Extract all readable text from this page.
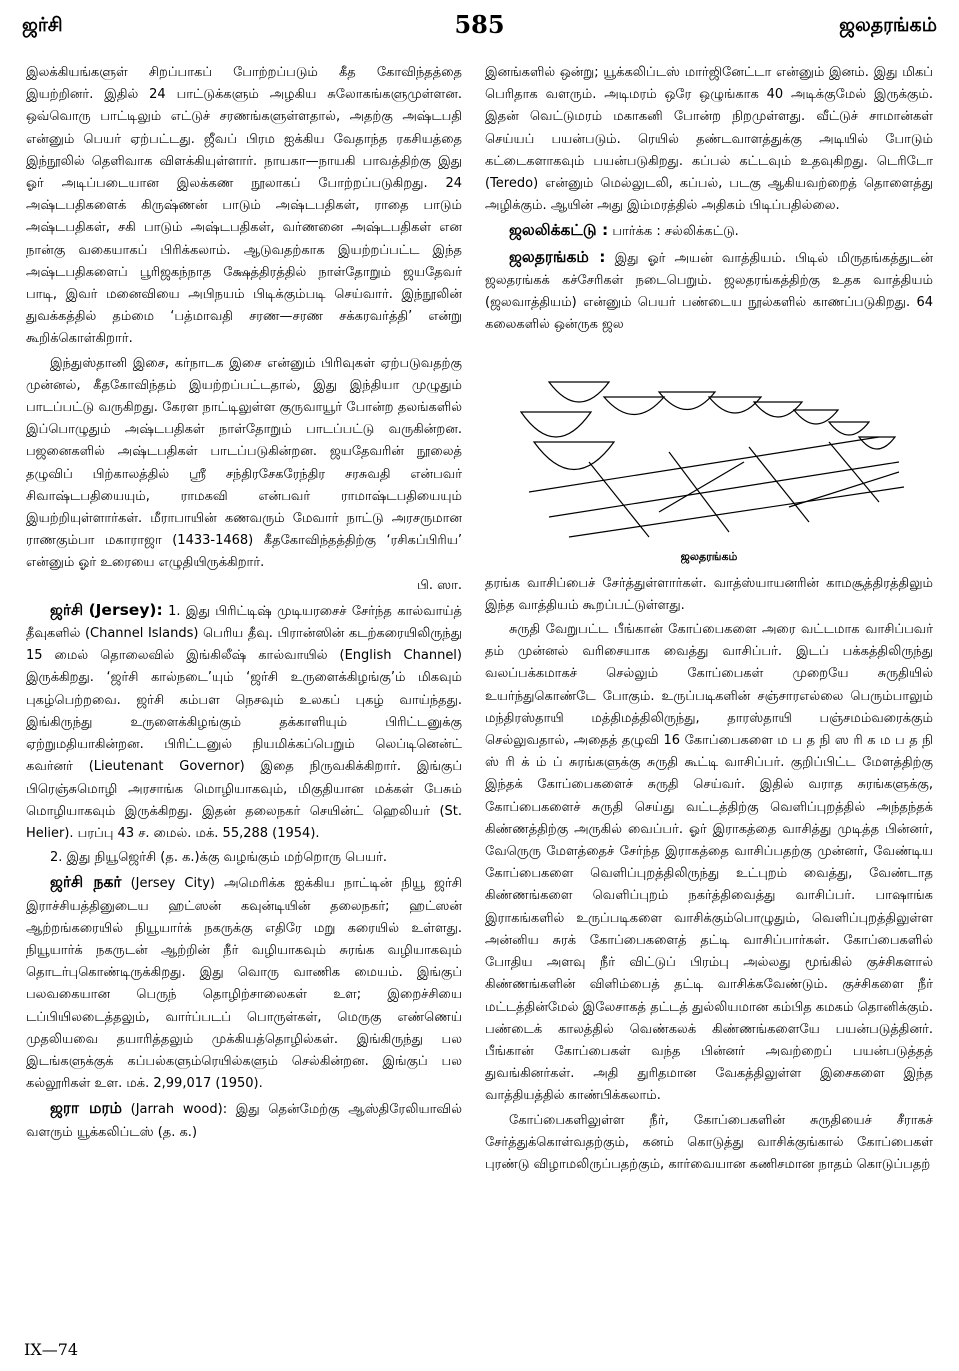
ஜர்சி	585	ஜலதரங்கம்

இலக்கியங்களுள் சிறப்பாகப் போற்றப்படும் கீத கோவிந்தத்தை இயற்றினர். இதில் 24 பாட்டுக்களும் அழகிய சுலோகங்களுமுள்ளன. ஒவ்வொரு பாட்டிலும் எட்டுச் சரணங்களுள்ளதால், அதற்கு அஷ்டபதி என்னும் பெயர் ஏற்பட்டது. ஜீவப் பிரம ஐக்கிய வேதாந்த ரகசியத்தை இந்நூலில் தெளிவாக விளக்கியுள்ளார். நாயகா—நாயகி பாவத்திற்கு இது ஓர் அடிப்படையான இலக்கண நூலாகப் போற்றப்படுகிறது. 24 அஷ்டபதிகளைக் கிருஷ்ணன் பாடும் அஷ்டபதிகள், ராதை பாடும் அஷ்டபதிகள், சகி பாடும் அஷ்டபதிகள், வர்ணனை அஷ்டபதிகள் என நான்கு வகையாகப் பிரிக்கலாம். ஆடுவதற்காக இயற்றப்பட்ட இந்த அஷ்டபதிகளைப் பூரிஜகந்நாத க்ஷேத்திரத்தில் நாள்தோறும் ஜயதேவர் பாடி, இவர் மனைவியை அபிநயம் பிடிக்கும்படி செய்வார். இந்நூலின் துவக்கத்தில் தம்மை ‘பத்மாவதி சரண—சரண சக்கரவர்த்தி’ என்று கூறிக்கொள்கிறார்.

இந்துஸ்தானி இசை, கர்நாடக இசை என்னும் பிரிவுகள் ஏற்படுவதற்கு முன்னல், கீதகோவிந்தம் இயற்றப்பட்டதால், இது இந்தியா முழுதும் பாடப்பட்டு வருகிறது. கேரள நாட்டிலுள்ள குருவாயூர் போன்ற தலங்களில் இப்பொழுதும் அஷ்டபதிகள் நாள்தோறும் பாடப்பட்டு வருகின்றன. பஜனைகளில் அஷ்டபதிகள் பாடப்படுகின்றன. ஜயதேவரின் நூலைத் தழுவிப் பிற்காலத்தில் ஸ்ரீ சந்திரசேகரேந்திர சரசுவதி என்பவர் சிவாஷ்டபதியையும், ராமகவி என்பவர் ராமாஷ்டபதியையும் இயற்றியுள்ளார்கள். மீராபாயின் கணவரும் மேவார் நாட்டு அரசருமான ராணகும்பா மகாராஜா (1433-1468) கீதகோவிந்தத்திற்கு ‘ரசிகப்பிரிய’ என்னும் ஓர் உரையை எழுதியிருக்கிறார்.
பி. ஸா.

ஜர்சி (Jersey): 1. இது பிரிட்டிஷ் முடியரசைச் சேர்ந்த கால்வாய்த் தீவுகளில் (Channel Islands) பெரிய தீவு. பிரான்ஸின் கடற்கரையிலிருந்து 15 மைல் தொலைவில் இங்கிலீஷ் கால்வாயில் (English Channel) இருக்கிறது. ‘ஜர்சி கால்நடை’யும் ‘ஜர்சி உருளைக்கிழங்கு’ம் மிகவும் புகழ்பெற்றவை. ஜர்சி கம்பள நெசவும் உலகப் புகழ் வாய்ந்தது. இங்கிருந்து உருளைக்கிழங்கும் தக்காளியும் பிரிட்டனுக்கு ஏற்றுமதியாகின்றன. பிரிட்டனுல் நியமிக்கப்பெறும் லெப்டினென்ட் கவர்னர் (Lieutenant Governor) இதை நிருவகிக்கிறார். இங்குப் பிரெஞ்சுமொழி அரசாங்க மொழியாகவும், மிகுதியான மக்கள் பேசும் மொழியாகவும் இருக்கிறது. இதன் தலைநகர் செயின்ட் ஹெலியர் (St. Helier). பரப்பு 43 ச. மைல். மக். 55,288 (1954).

2. இது நியூஜெர்சி (த. க.)க்கு வழங்கும் மற்றொரு பெயர்.

ஜர்சி நகர் (Jersey City) அமெரிக்க ஐக்கிய நாட்டின் நியூ ஜர்சி இராச்சியத்தினுடைய ஹட்ஸன் கவுன்டியின் தலைநகர்; ஹட்ஸன் ஆற்றங்கரையில் நியூயார்க் நகருக்கு எதிரே மறு கரையில் உள்ளது. நியூயார்க் நகருடன் ஆற்றின் நீர் வழியாகவும் சுரங்க வழியாகவும் தொடர்புகொண்டிருக்கிறது. இது வொரு வாணிக மையம். இங்குப் பலவகையான பெருந் தொழிற்சாலைகள் உள; இறைச்சியை டப்பியிலடைத்தலும், வார்ப்படப் பொருள்கள், மெருகு எண்ணெய் முதலியவை தயாரித்தலும் முக்கியத்தொழில்கள். இங்கிருந்து பல இடங்களுக்குக் கப்பல்களும்ரெயில்களும் செல்கின்றன. இங்குப் பல கல்லூரிகள் உள. மக். 2,99,017 (1950).

ஜரா மரம் (Jarrah wood): இது தென்மேற்கு ஆஸ்திரேலியாவில் வளரும் யூக்கலிப்டஸ் (த. க.)

இனங்களில் ஒன்று; யூக்கலிப்டஸ் மார்ஜினேட்டா என்னும் இனம். இது மிகப் பெரிதாக வளரும். அடிமரம் ஒரே ஒழுங்காக 40 அடிக்குமேல் இருக்கும். இதன் வெட்டுமரம் மகாகனி போன்ற நிறமுள்ளது. வீட்டுச் சாமான்கள் செய்யப் பயன்படும். ரெயில் தண்டவாளத்துக்கு அடியில் போடும் கட்டைகளாகவும் பயன்படுகிறது. கப்பல் கட்டவும் உதவுகிறது. டெரிடோ (Teredo) என்னும் மெல்லுடலி, கப்பல், படகு ஆகியவற்றைத் தொளைத்து அழிக்கும். ஆயின் அது இம்மரத்தில் அதிகம் பிடிப்பதில்லை.

ஜலலிக்கட்டு : பார்க்க : சல்லிக்கட்டு.

ஜலதரங்கம் : இது ஓர் அயன் வாத்தியம். பிடில் மிருதங்கத்துடன் ஜலதரங்கக் கச்சேரிகள் நடைபெறும். ஜலதரங்கத்திற்கு உதக வாத்தியம் (ஜலவாத்தியம்) என்னும் பெயர் பண்டைய நூல்களில் காணப்படுகிறது. 64 கலைகளில் ஒன்ருக ஜல

ஜலதரங்கம்

தரங்க வாசிப்பைச் சேர்த்துள்ளார்கள். வாத்ஸ்யாயனரின் காமசூத்திரத்திலும் இந்த வாத்தியம் கூறப்பட்டுள்ளது.

சுருதி வேறுபட்ட பீங்கான் கோப்பைகளை அரை வட்டமாக வாசிப்பவர் தம் முன்னல் வரிசையாக வைத்து வாசிப்பர். இடப் பக்கத்திலிருந்து வலப்பக்கமாகச் செல்லும் கோப்பைகள் முறையே சுருதியில் உயர்ந்துகொண்டே போகும். உருப்படிகளின் சஞ்சாரஎல்லை பெரும்பாலும் மந்திரஸ்தாயி மத்திமத்திலிருந்து, தாரஸ்தாயி பஞ்சமம்வரைக்கும் செல்லுவதால், அதைத் தழுவி 16 கோப்பைகளை ம ப த நி ஸ ரி க ம ப த நி ஸ் ரி க் ம் ப் சுரங்களுக்கு சுருதி கூட்டி வாசிப்பர். குறிப்பிட்ட மேளத்திற்கு இந்தக் கோப்பைகளைச் சுருதி செய்வர். இதில் வராத சுரங்களுக்கு, கோப்பைகளைச் சுருதி செய்து வட்டத்திற்கு வெளிப்புறத்தில் அந்தந்தக் கிண்ணத்திற்கு அருகில் வைப்பர். ஓர் இராகத்தை வாசித்து முடித்த பின்னர், வேருெரு மேளத்தைச் சேர்ந்த இராகத்தை வாசிப்பதற்கு முன்னர், வேண்டிய கோப்பைகளை வெளிப்புறத்திலிருந்து உட்புறம் வைத்து, வேண்டாத கிண்ணங்களை வெளிப்புறம் நகர்த்திவைத்து வாசிப்பர். பாஷாங்க இராகங்களில் உருப்படிகளை வாசிக்கும்பொழுதும், வெளிப்புறத்திலுள்ள அன்னிய சுரக் கோப்பைகளைத் தட்டி வாசிப்பார்கள். கோப்பைகளில் போதிய அளவு நீர் விட்டுப் பிரம்பு அல்லது மூங்கில் குச்சிகளால் கிண்ணங்களின் விளிம்பைத் தட்டி வாசிக்கவேண்டும். குச்சிகளை நீர் மட்டத்தின்மேல் இலேசாகத் தட்டத் துல்லியமான கம்பித கமகம் தொனிக்கும். பண்டைக் காலத்தில் வெண்கலக் கிண்ணங்களையே பயன்படுத்தினர். பீங்கான் கோப்பைகள் வந்த பின்னர் அவற்றைப் பயன்படுத்தத் துவங்கினர்கள். அதி துரிதமான வேகத்திலுள்ள இசைகளை இந்த வாத்தியத்தில் காண்பிக்கலாம்.

கோப்பைகளிலுள்ள நீர், கோப்பைகளின் சுருதியைச் சீராகச் சேர்த்துக்கொள்வதற்கும், கனம் கொடுத்து வாசிக்குங்கால் கோப்பைகள் புரண்டு விழாமலிருப்பதற்கும், கார்வையான கணிசமான நாதம் கொடுப்பதற்

IX—74
